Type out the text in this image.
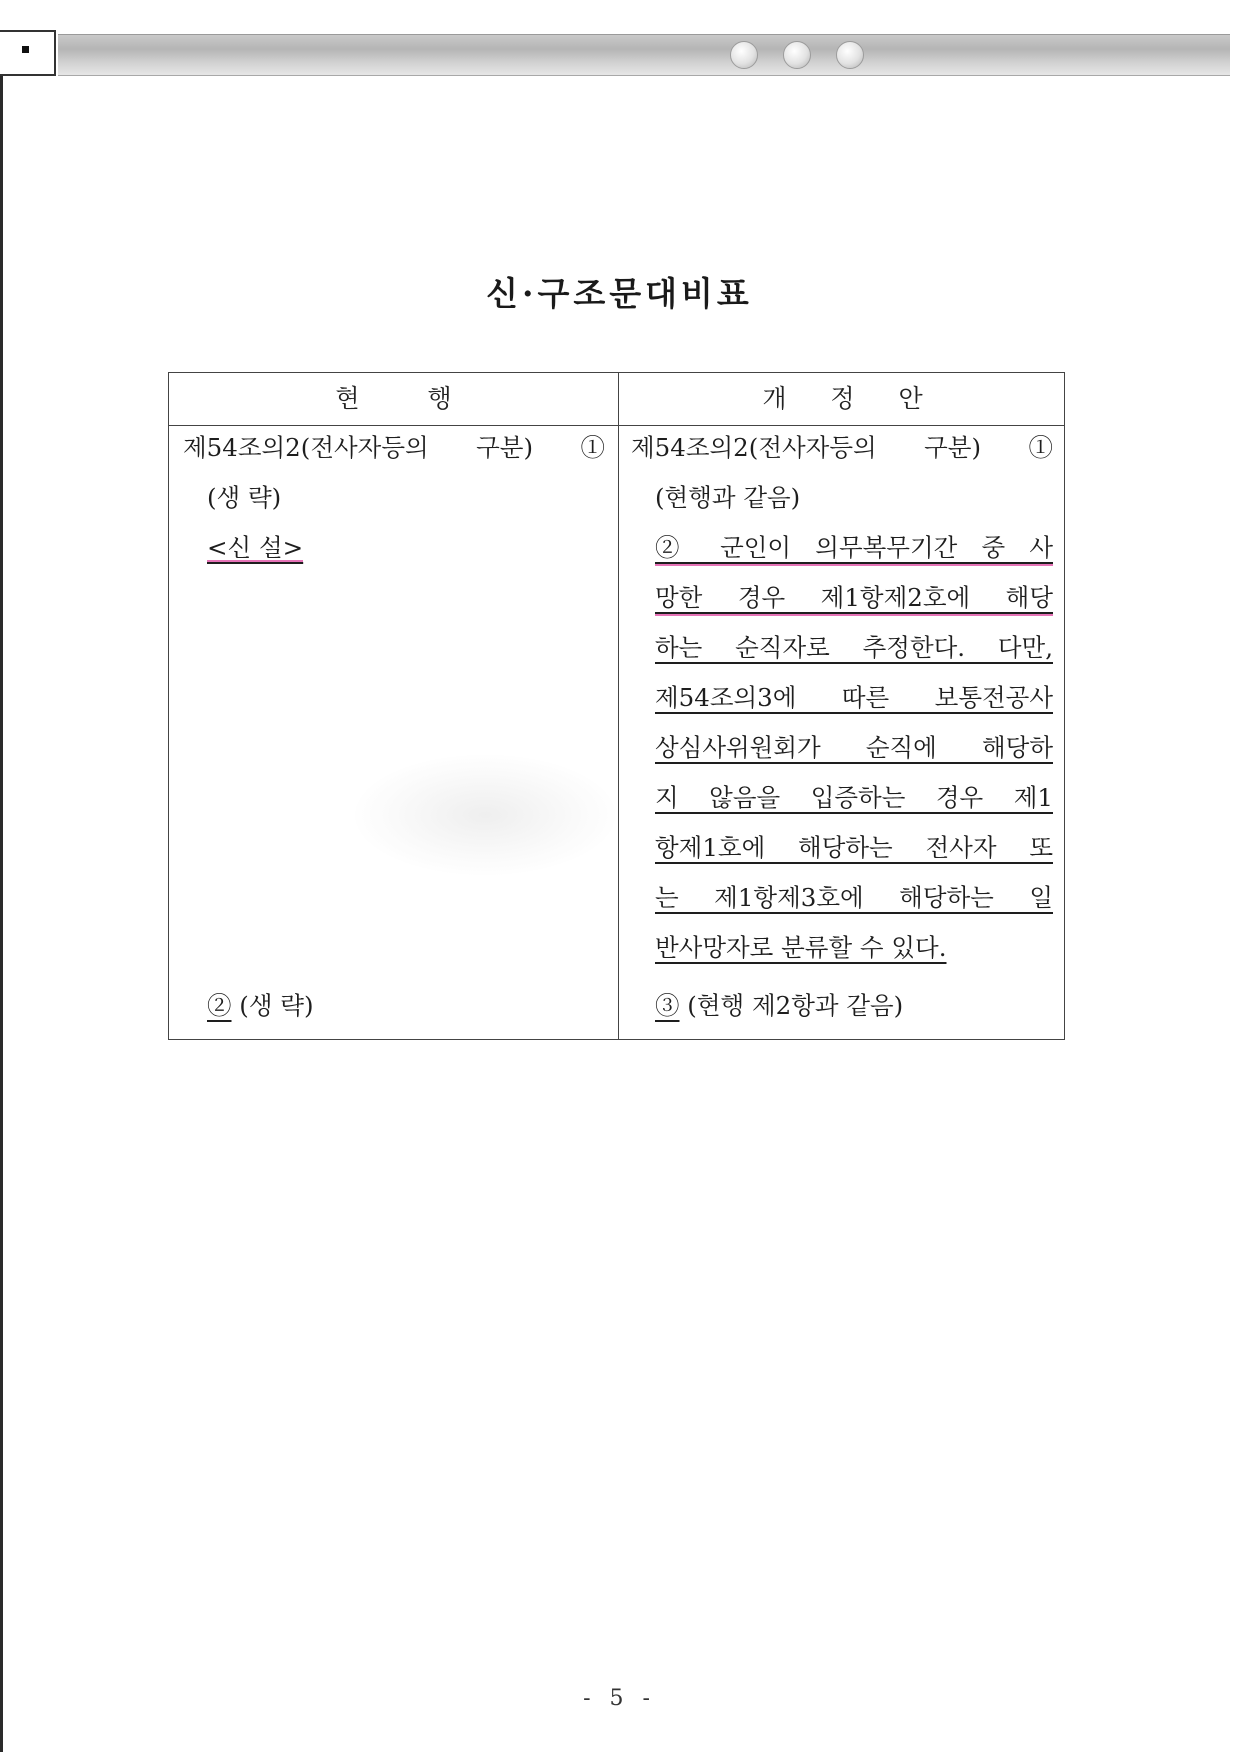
신·구조문대비표
현 행	개 정 안
제54조의2(전사자등의 구분) ①
(생 략)
<신 설>
② (생 략)
제54조의2(전사자등의 구분) ①
(현행과 같음)
② 군인이 의무복무기간 중 사
망한 경우 제1항제2호에 해당
하는 순직자로 추정한다. 다만,
제54조의3에 따른 보통전공사
상심사위원회가 순직에 해당하
지 않음을 입증하는 경우 제1
항제1호에 해당하는 전사자 또
는 제1항제3호에 해당하는 일
반사망자로 분류할 수 있다.
③ (현행 제2항과 같음)
- 5 -
